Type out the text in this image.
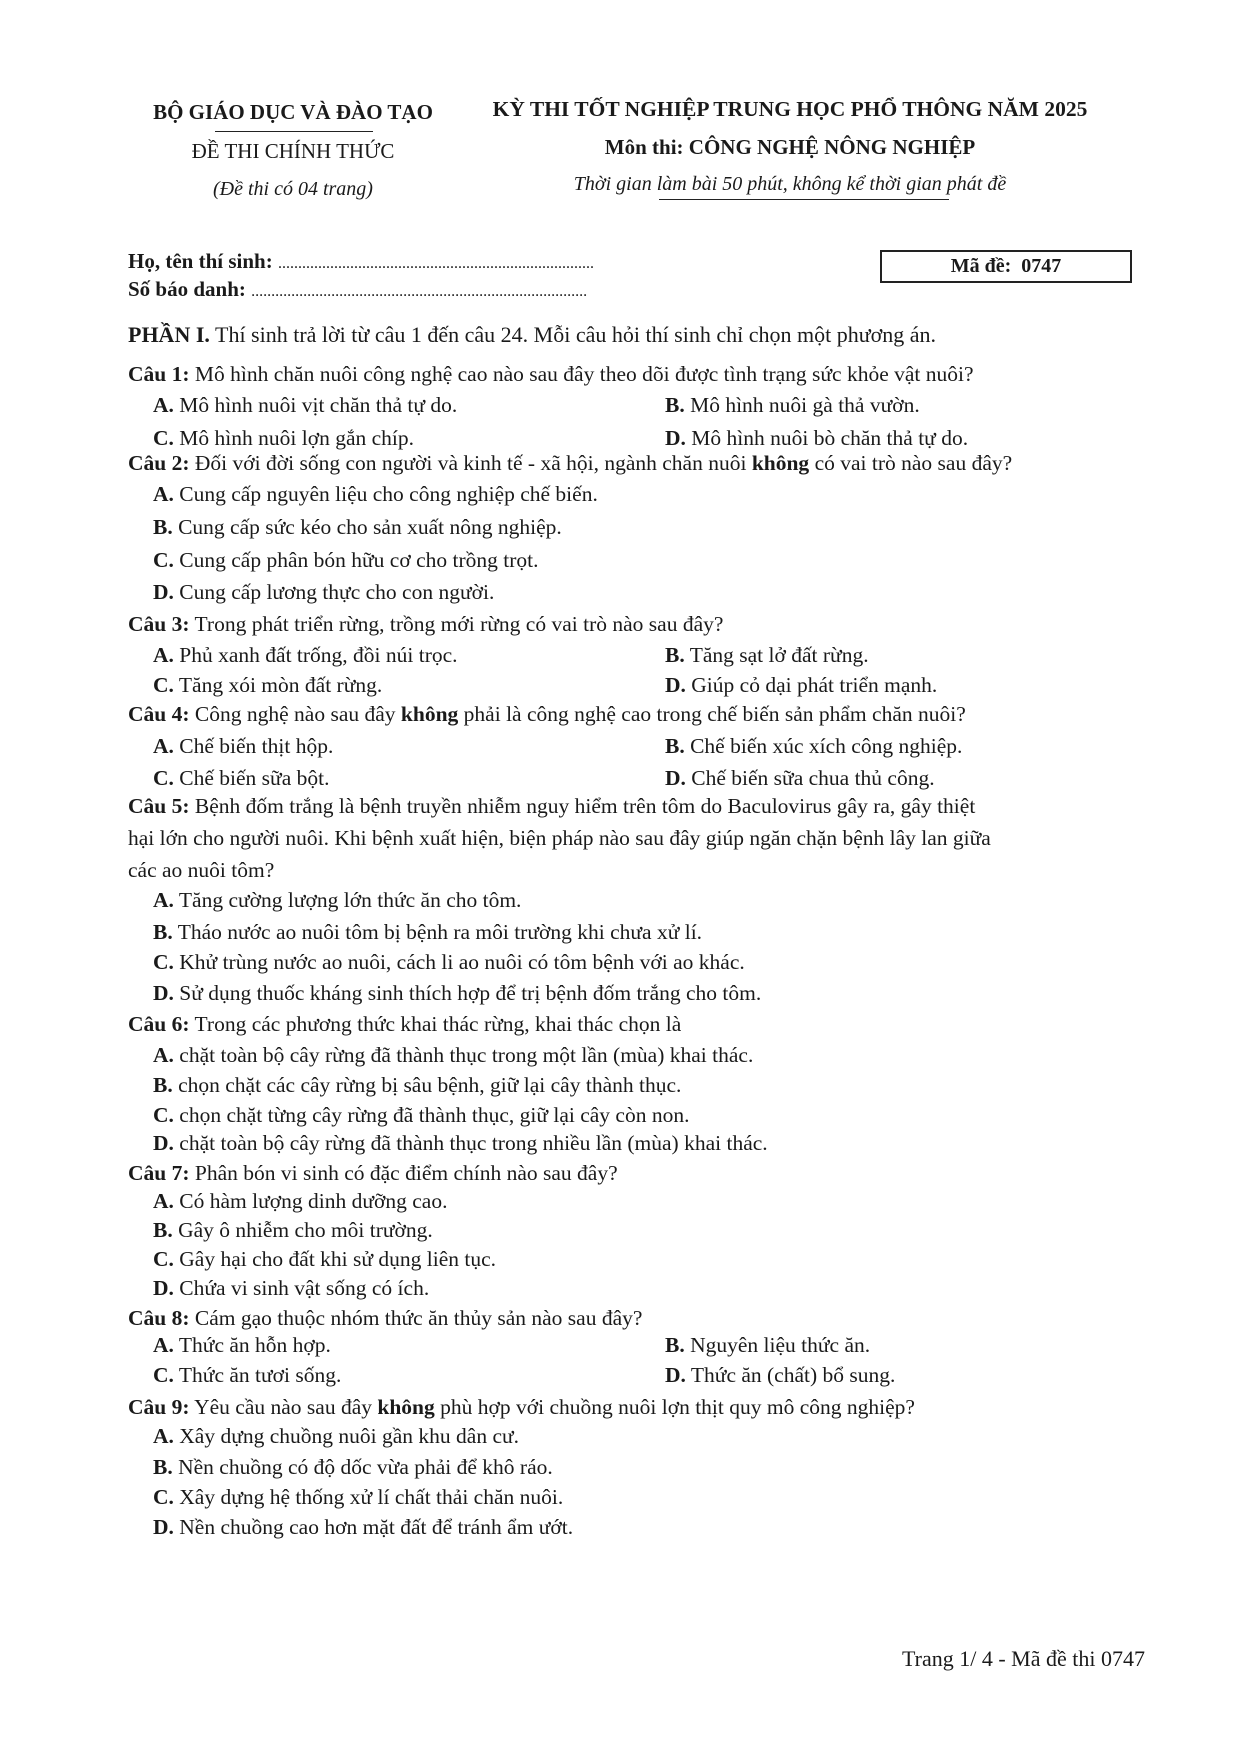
BỘ GIÁO DỤC VÀ ĐÀO TẠO
ĐỀ THI CHÍNH THỨC
(Đề thi có 04 trang)
KỲ THI TỐT NGHIỆP TRUNG HỌC PHỔ THÔNG NĂM 2025
Môn thi: CÔNG NGHỆ NÔNG NGHIỆP
Thời gian làm bài 50 phút, không kể thời gian phát đề
Họ, tên thí sinh: ...............................................................................
Số báo danh: ....................................................................................
Mã đề: 0747
PHẦN I. Thí sinh trả lời từ câu 1 đến câu 24. Mỗi câu hỏi thí sinh chỉ chọn một phương án.
Câu 1: Mô hình chăn nuôi công nghệ cao nào sau đây theo dõi được tình trạng sức khỏe vật nuôi?
A. Mô hình nuôi vịt chăn thả tự do.	B. Mô hình nuôi gà thả vườn.
C. Mô hình nuôi lợn gắn chíp.	D. Mô hình nuôi bò chăn thả tự do.
Câu 2: Đối với đời sống con người và kinh tế - xã hội, ngành chăn nuôi không có vai trò nào sau đây?
A. Cung cấp nguyên liệu cho công nghiệp chế biến.
B. Cung cấp sức kéo cho sản xuất nông nghiệp.
C. Cung cấp phân bón hữu cơ cho trồng trọt.
D. Cung cấp lương thực cho con người.
Câu 3: Trong phát triển rừng, trồng mới rừng có vai trò nào sau đây?
A. Phủ xanh đất trống, đồi núi trọc.	B. Tăng sạt lở đất rừng.
C. Tăng xói mòn đất rừng.	D. Giúp cỏ dại phát triển mạnh.
Câu 4: Công nghệ nào sau đây không phải là công nghệ cao trong chế biến sản phẩm chăn nuôi?
A. Chế biến thịt hộp.	B. Chế biến xúc xích công nghiệp.
C. Chế biến sữa bột.	D. Chế biến sữa chua thủ công.
Câu 5: Bệnh đốm trắng là bệnh truyền nhiễm nguy hiểm trên tôm do Baculovirus gây ra, gây thiệt
hại lớn cho người nuôi. Khi bệnh xuất hiện, biện pháp nào sau đây giúp ngăn chặn bệnh lây lan giữa
các ao nuôi tôm?
A. Tăng cường lượng lớn thức ăn cho tôm.
B. Tháo nước ao nuôi tôm bị bệnh ra môi trường khi chưa xử lí.
C. Khử trùng nước ao nuôi, cách li ao nuôi có tôm bệnh với ao khác.
D. Sử dụng thuốc kháng sinh thích hợp để trị bệnh đốm trắng cho tôm.
Câu 6: Trong các phương thức khai thác rừng, khai thác chọn là
A. chặt toàn bộ cây rừng đã thành thục trong một lần (mùa) khai thác.
B. chọn chặt các cây rừng bị sâu bệnh, giữ lại cây thành thục.
C. chọn chặt từng cây rừng đã thành thục, giữ lại cây còn non.
D. chặt toàn bộ cây rừng đã thành thục trong nhiều lần (mùa) khai thác.
Câu 7: Phân bón vi sinh có đặc điểm chính nào sau đây?
A. Có hàm lượng dinh dưỡng cao.
B. Gây ô nhiễm cho môi trường.
C. Gây hại cho đất khi sử dụng liên tục.
D. Chứa vi sinh vật sống có ích.
Câu 8: Cám gạo thuộc nhóm thức ăn thủy sản nào sau đây?
A. Thức ăn hỗn hợp.	B. Nguyên liệu thức ăn.
C. Thức ăn tươi sống.	D. Thức ăn (chất) bổ sung.
Câu 9: Yêu cầu nào sau đây không phù hợp với chuồng nuôi lợn thịt quy mô công nghiệp?
A. Xây dựng chuồng nuôi gần khu dân cư.
B. Nền chuồng có độ dốc vừa phải để khô ráo.
C. Xây dựng hệ thống xử lí chất thải chăn nuôi.
D. Nền chuồng cao hơn mặt đất để tránh ẩm ướt.
Trang 1/ 4 - Mã đề thi 0747
